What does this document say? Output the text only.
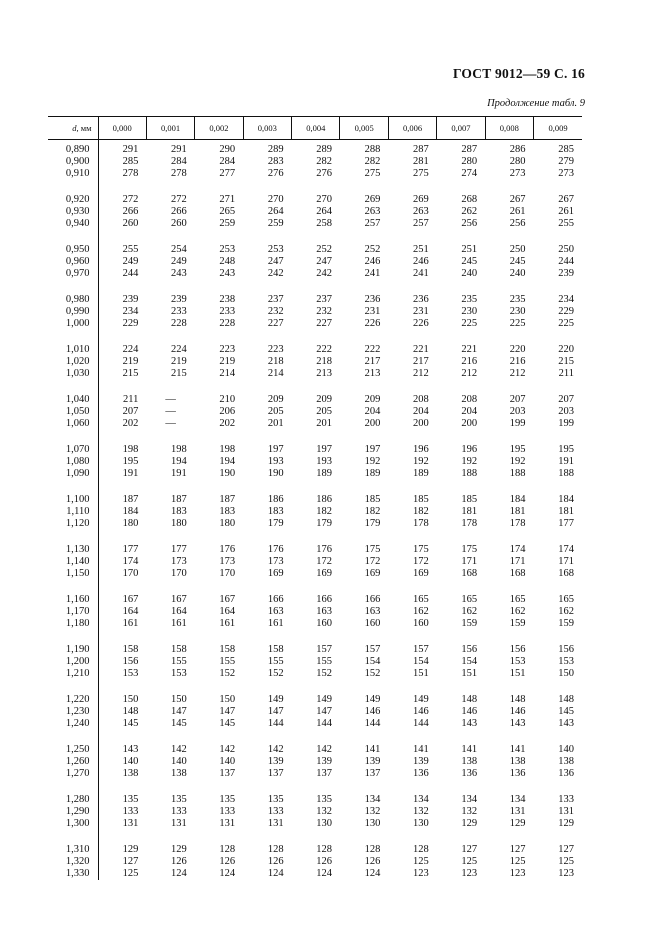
ГОСТ 9012—59 С. 16
Продолжение табл. 9
d, мм	0,000	0,001	0,002	0,003	0,004	0,005	0,006	0,007	0,008	0,009
0,890	291	291	290	289	289	288	287	287	286	285
0,900	285	284	284	283	282	282	281	280	280	279
0,910	278	278	277	276	276	275	275	274	273	273
0,920	272	272	271	270	270	269	269	268	267	267
0,930	266	266	265	264	264	263	263	262	261	261
0,940	260	260	259	259	258	257	257	256	256	255
0,950	255	254	253	253	252	252	251	251	250	250
0,960	249	249	248	247	247	246	246	245	245	244
0,970	244	243	243	242	242	241	241	240	240	239
0,980	239	239	238	237	237	236	236	235	235	234
0,990	234	233	233	232	232	231	231	230	230	229
1,000	229	228	228	227	227	226	226	225	225	225
1,010	224	224	223	223	222	222	221	221	220	220
1,020	219	219	219	218	218	217	217	216	216	215
1,030	215	215	214	214	213	213	212	212	212	211
1,040	211	—	210	209	209	209	208	208	207	207
1,050	207	—	206	205	205	204	204	204	203	203
1,060	202	—	202	201	201	200	200	200	199	199
1,070	198	198	198	197	197	197	196	196	195	195
1,080	195	194	194	193	193	192	192	192	192	191
1,090	191	191	190	190	189	189	189	188	188	188
1,100	187	187	187	186	186	185	185	185	184	184
1,110	184	183	183	183	182	182	182	181	181	181
1,120	180	180	180	179	179	179	178	178	178	177
1,130	177	177	176	176	176	175	175	175	174	174
1,140	174	173	173	173	172	172	172	171	171	171
1,150	170	170	170	169	169	169	169	168	168	168
1,160	167	167	167	166	166	166	165	165	165	165
1,170	164	164	164	163	163	163	162	162	162	162
1,180	161	161	161	161	160	160	160	159	159	159
1,190	158	158	158	158	157	157	157	156	156	156
1,200	156	155	155	155	155	154	154	154	153	153
1,210	153	153	152	152	152	152	151	151	151	150
1,220	150	150	150	149	149	149	149	148	148	148
1,230	148	147	147	147	147	146	146	146	146	145
1,240	145	145	145	144	144	144	144	143	143	143
1,250	143	142	142	142	142	141	141	141	141	140
1,260	140	140	140	139	139	139	139	138	138	138
1,270	138	138	137	137	137	137	136	136	136	136
1,280	135	135	135	135	135	134	134	134	134	133
1,290	133	133	133	133	132	132	132	132	131	131
1,300	131	131	131	131	130	130	130	129	129	129
1,310	129	129	128	128	128	128	128	127	127	127
1,320	127	126	126	126	126	126	125	125	125	125
1,330	125	124	124	124	124	124	123	123	123	123
